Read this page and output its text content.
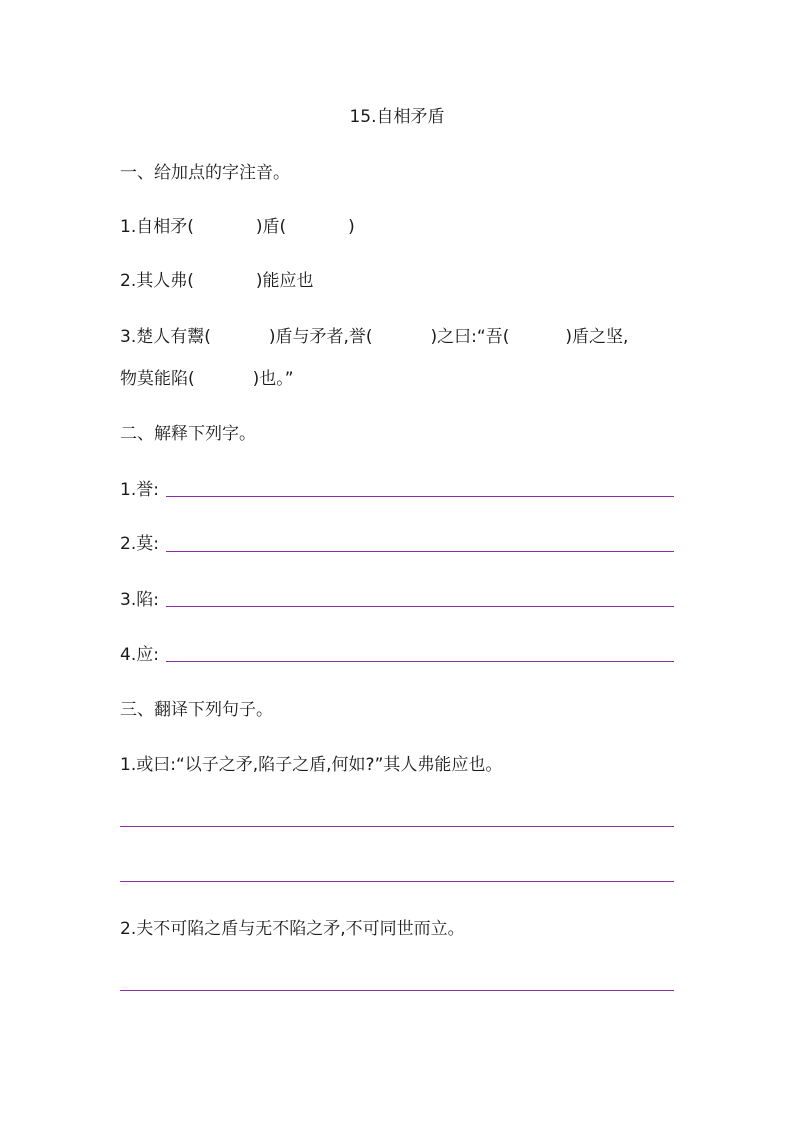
15.自相矛盾
一、给加点的字注音。
1.自相矛(	)盾(	)
2.其人弗(	)能应也
3.楚人有鬻(	)盾与矛者,誉(	)之曰:“吾(	)盾之坚,
物莫能陷(	)也。”
二、解释下列字。
1.誉:
2.莫:
3.陷:
4.应:
三、翻译下列句子。
1.或曰:“以子之矛,陷子之盾,何如?”其人弗能应也。
2.夫不可陷之盾与无不陷之矛,不可同世而立。
